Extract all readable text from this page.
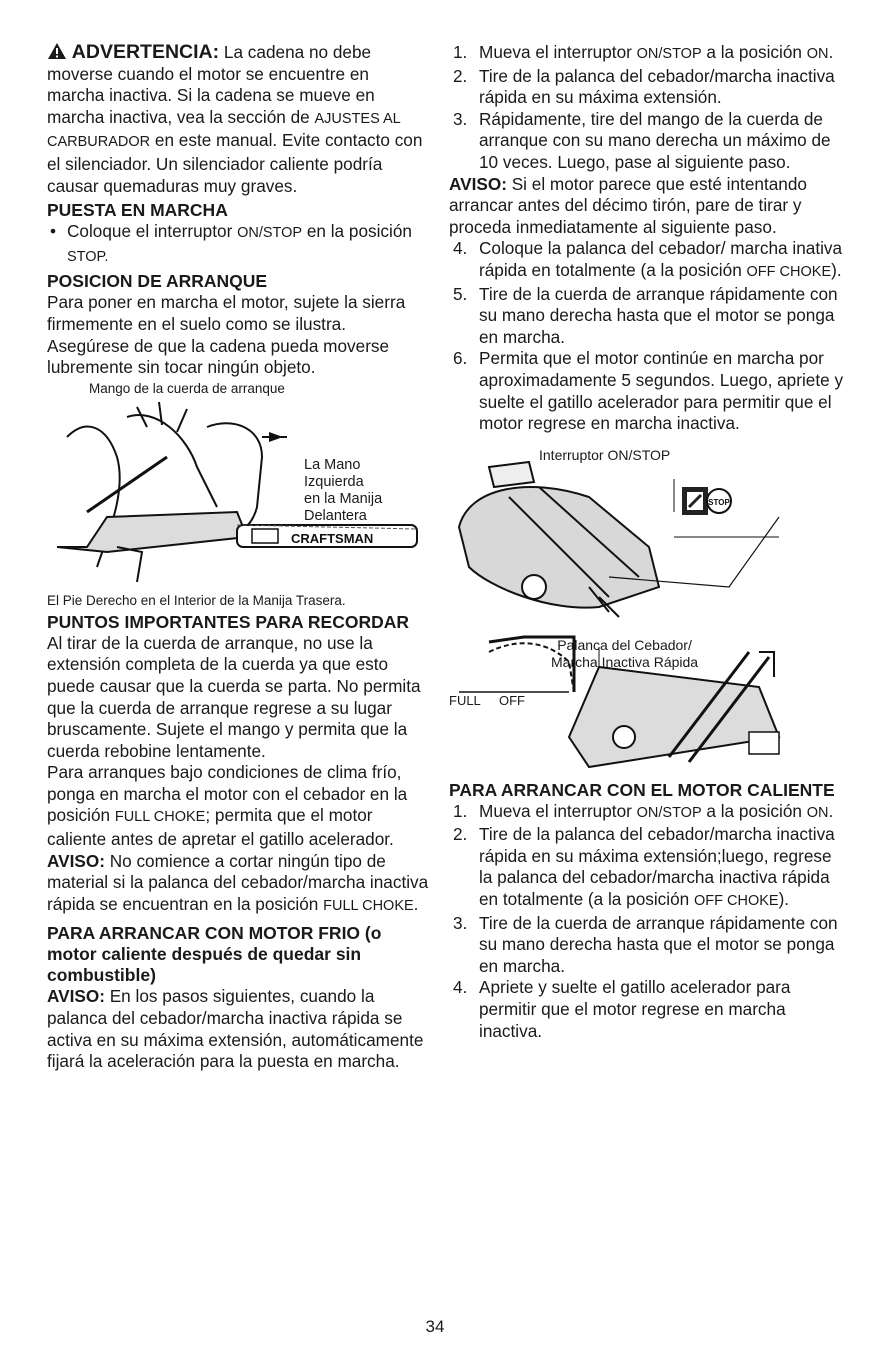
ADVERTENCIA: La cadena no debe moverse cuando el motor se encuentre en marcha inactiva. Si la cadena se mueve en marcha inactiva, vea la sección de AJUSTES AL CARBURADOR en este manual. Evite contacto con el silenciador. Un silenciador caliente podría causar quemaduras muy graves.

PUESTA EN MARCHA

• Coloque el interruptor ON/STOP en la posición STOP.

POSICION DE ARRANQUE

Para poner en marcha el motor, sujete la sierra firmemente en el suelo como se ilustra. Asegúrese de que la cadena pueda moverse lubremente sin tocar ningún objeto.

Mango de la cuerda de arranque

CRAFTSMAN
La Mano
Izquierda
en la Manija
Delantera

El Pie Derecho en el Interior de la Manija Trasera.

PUNTOS IMPORTANTES PARA RECORDAR

Al tirar de la cuerda de arranque, no use la extensión completa de la cuerda ya que esto puede causar que la cuerda se parta. No permita que la cuerda de arranque regrese a su lugar bruscamente. Sujete el mango y permita que la cuerda rebobine lentamente.

Para arranques bajo condiciones de clima frío, ponga en marcha el motor con el cebador en la posición FULL CHOKE; permita que el motor caliente antes de apretar el gatillo acelerador.

AVISO: No comience a cortar ningún tipo de material si la palanca del cebador/marcha inactiva rápida se encuentran en la posición FULL CHOKE.

PARA ARRANCAR CON MOTOR FRIO (o motor caliente después de quedar sin combustible)

AVISO: En los pasos siguientes, cuando la palanca del cebador/marcha inactiva rápida se activa en su máxima extensión, automáticamente fijará la aceleración para la puesta en marcha.

1. Mueva el interruptor ON/STOP a la posición ON.
2. Tire de la palanca del cebador/marcha inactiva rápida en su máxima extensión.
3. Rápidamente, tire del mango de la cuerda de arranque con su mano derecha un máximo de 10 veces. Luego, pase al siguiente paso.

AVISO: Si el motor parece que esté intentando arrancar antes del décimo tirón, pare de tirar y proceda inmediatamente al siguiente paso.

4. Coloque la palanca del cebador/ marcha inativa rápida en totalmente (a la posición OFF CHOKE).
5. Tire de la cuerda de arranque rápidamente con su mano derecha hasta que el motor se ponga en marcha.
6. Permita que el motor continúe en marcha por aproximadamente 5 segundos. Luego, apriete y suelte el gatillo acelerador para permitir que el motor regrese en marcha inactiva.
Interruptor ON/STOP
STOP
Palanca del Cebador/
Marcha Inactiva Rápida
FULL OFF

PARA ARRANCAR CON EL MOTOR CALIENTE

1. Mueva el interruptor ON/STOP a la posición ON.
2. Tire de la palanca del cebador/marcha inactiva rápida en su máxima extensión;luego, regrese la palanca del cebador/marcha inactiva rápida en totalmente (a la posición OFF CHOKE).
3. Tire de la cuerda de arranque rápidamente con su mano derecha hasta que el motor se ponga en marcha.
4. Apriete y suelte el gatillo acelerador para permitir que el motor regrese en marcha inactiva.
34
